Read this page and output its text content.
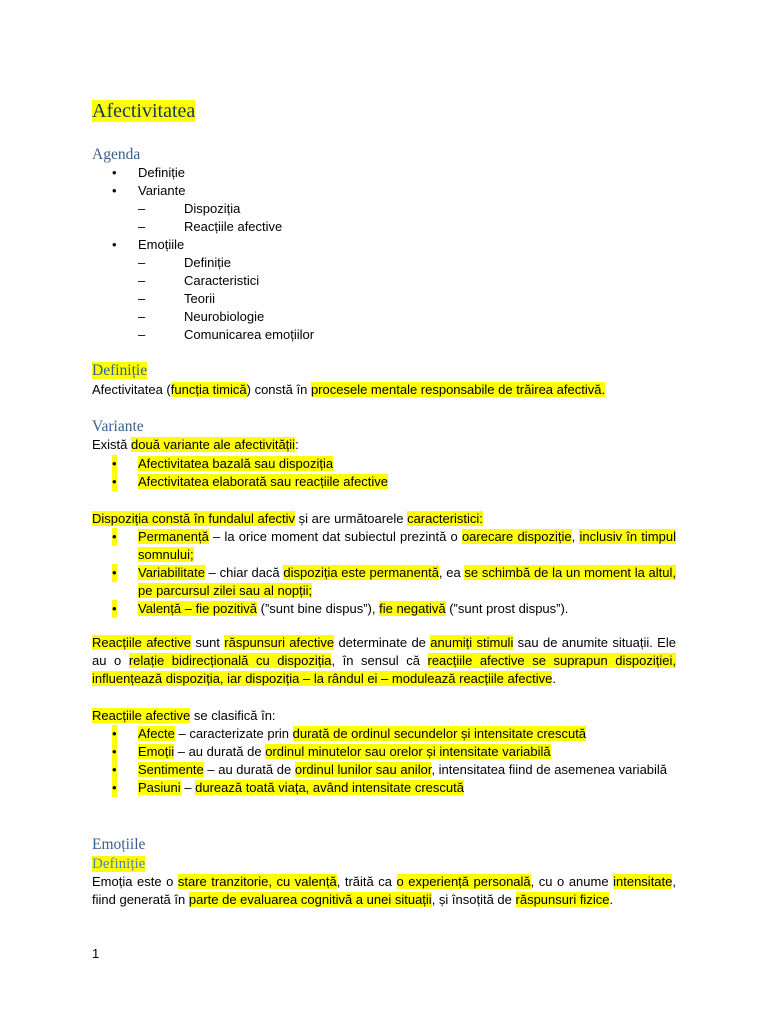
Afectivitatea
Agenda
• Definiție
• Variante
–	Dispoziția
–	Reacțiile afective
• Emoțiile
–	Definiție
–	Caracteristici
–	Teorii
–	Neurobiologie
–	Comunicarea emoțiilor
Definiție

Afectivitatea (funcția timică) constă în procesele mentale responsabile de trăirea afectivă.

Variante

Există două variante ale afectivității:

• Afectivitatea bazală sau dispoziția
• Afectivitatea elaborată sau reacțiile afective

Dispoziția constă în fundalul afectiv și are următoarele caracteristici:

• Permanență – la orice moment dat subiectul prezintă o oarecare dispoziție, inclusiv în timpul somnului;
• Variabilitate – chiar dacă dispoziția este permanentă, ea se schimbă de la un moment la altul, pe parcursul zilei sau al nopții;
• Valență – fie pozitivă (”sunt bine dispus”), fie negativă (”sunt prost dispus”).

Reacțiile afective sunt răspunsuri afective determinate de anumiți stimuli sau de anumite situații. Ele au o relație bidirecțională cu dispoziția, în sensul că reacțiile afective se suprapun dispoziției, influențează dispoziția, iar dispoziția – la rândul ei – modulează reacțiile afective.

Reacțiile afective se clasifică în:

• Afecte – caracterizate prin durată de ordinul secundelor și intensitate crescută
• Emoții – au durată de ordinul minutelor sau orelor și intensitate variabilă
• Sentimente – au durată de ordinul lunilor sau anilor, intensitatea fiind de asemenea variabilă
• Pasiuni – durează toată viața, având intensitate crescută
Emoțiile
Definiție

Emoția este o stare tranzitorie, cu valență, trăită ca o experiență personală, cu o anume intensitate, fiind generată în parte de evaluarea cognitivă a unei situații, și însoțită de răspunsuri fizice.

1
